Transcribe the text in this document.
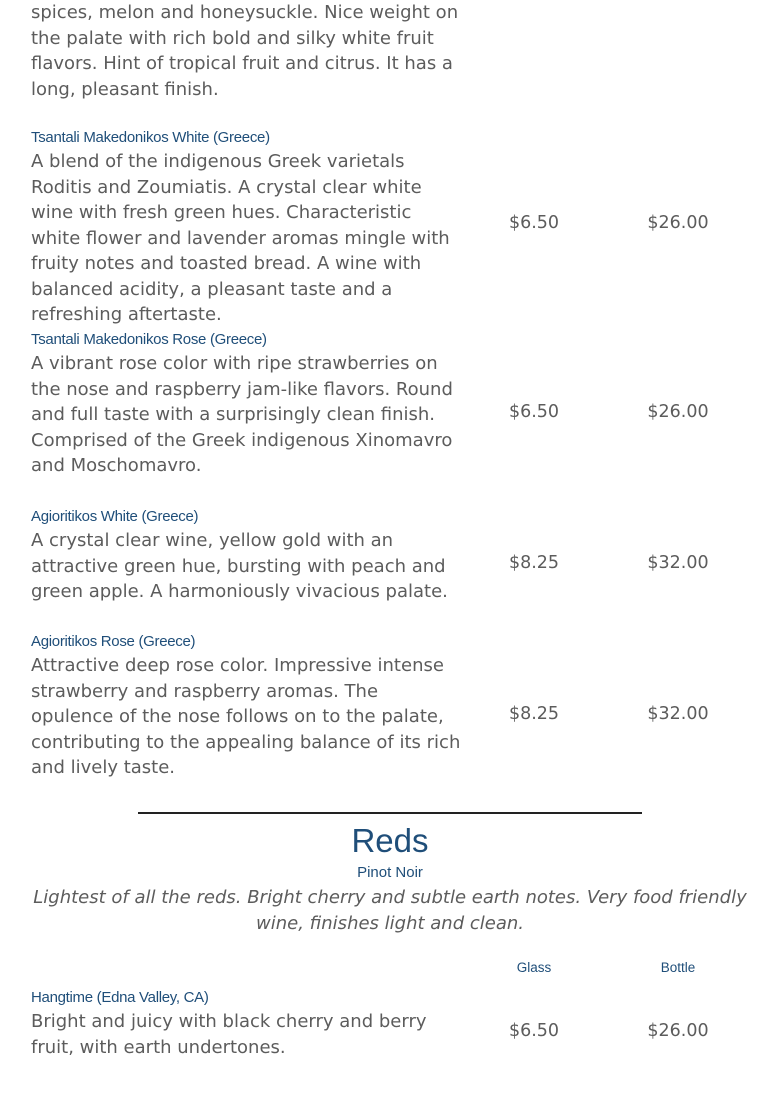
spices, melon and honeysuckle. Nice weight on the palate with rich bold and silky white fruit flavors. Hint of tropical fruit and citrus. It has a long, pleasant finish.
Tsantali Makedonikos White (Greece)
A blend of the indigenous Greek varietals Roditis and Zoumiatis. A crystal clear white wine with fresh green hues. Characteristic white flower and lavender aromas mingle with fruity notes and toasted bread. A wine with balanced acidity, a pleasant taste and a refreshing aftertaste.
$6.50	$26.00
Tsantali Makedonikos Rose (Greece)
A vibrant rose color with ripe strawberries on the nose and raspberry jam-like flavors. Round and full taste with a surprisingly clean finish. Comprised of the Greek indigenous Xinomavro and Moschomavro.
$6.50	$26.00
Agioritikos White (Greece)
A crystal clear wine, yellow gold with an attractive green hue, bursting with peach and green apple. A harmoniously vivacious palate.
$8.25	$32.00
Agioritikos Rose (Greece)
Attractive deep rose color. Impressive intense strawberry and raspberry aromas. The opulence of the nose follows on to the palate, contributing to the appealing balance of its rich and lively taste.
$8.25	$32.00
Reds
Pinot Noir
Lightest of all the reds. Bright cherry and subtle earth notes. Very food friendly wine, finishes light and clean.
Glass	Bottle
Hangtime (Edna Valley, CA)
Bright and juicy with black cherry and berry fruit, with earth undertones.
$6.50	$26.00
